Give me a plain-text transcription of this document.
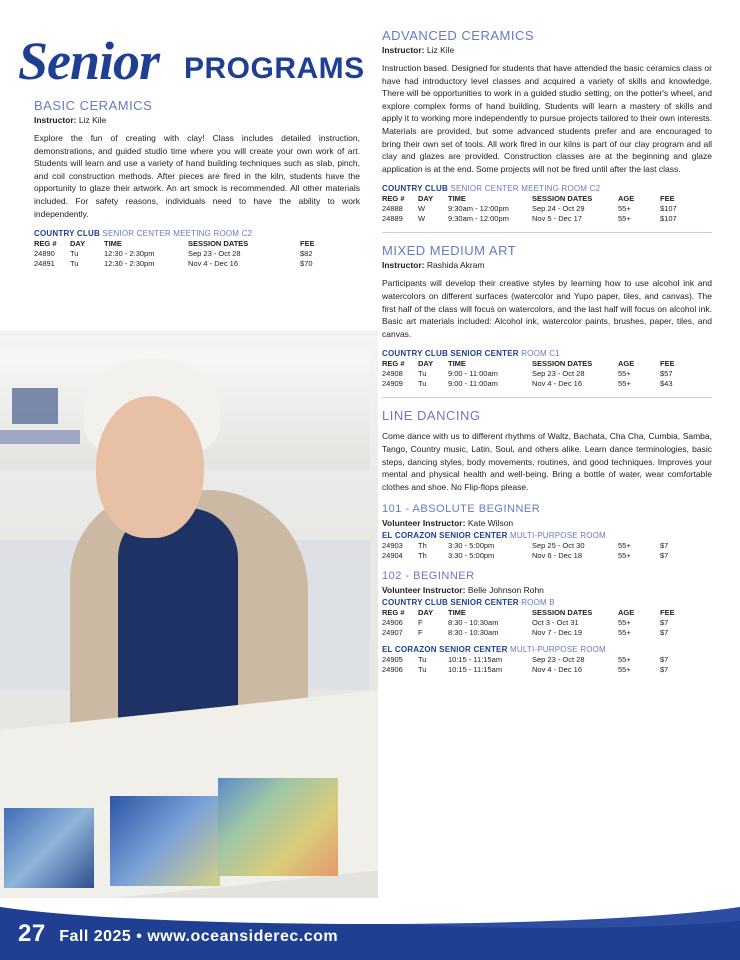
Senior PROGRAMS
BASIC CERAMICS

Instructor: Liz Kile

Explore the fun of creating with clay! Class includes detailed instruction, demonstrations, and guided studio time where you will create your own work of art. Students will learn and use a variety of hand building techniques such as slab, pinch, and coil construction methods. After pieces are fired in the kiln, students have the opportunity to glaze their artwork. An art smock is recommended. All other materials included. For safety reasons, individuals need to have the ability to work independently.

COUNTRY CLUB SENIOR CENTER MEETING ROOM C2

REG #	DAY	TIME	SESSION DATES	FEE
24890	Tu	12:30 - 2:30pm	Sep 23 - Oct 28	$82
24891	Tu	12:30 - 2:30pm	Nov 4 - Dec 16	$70
ADVANCED CERAMICS

Instructor: Liz Kile

Instruction based. Designed for students that have attended the basic ceramics class or have had introductory level classes and acquired a variety of skills and knowledge. There will be opportunities to work in a guided studio setting, on the potter's wheel, and explore complex forms of hand building. Students will learn a mastery of skills and apply it to working more independently to pursue projects tailored to their own interests. Materials are provided, but some advanced students prefer and are encouraged to bring their own set of tools. All work fired in our kilns is part of our clay program and all clay and glazes are provided. Construction classes are at the beginning and glaze application is at the end. Some projects will not be fired until after the last class.

COUNTRY CLUB SENIOR CENTER MEETING ROOM C2

REG #	DAY	TIME	SESSION DATES	AGE	FEE
24888	W	9:30am - 12:00pm	Sep 24 - Oct 29	55+	$107
24889	W	9:30am - 12:00pm	Nov 5 - Dec 17	55+	$107
MIXED MEDIUM ART

Instructor: Rashida Akram

Participants will develop their creative styles by learning how to use alcohol ink and watercolors on different surfaces (watercolor and Yupo paper, tiles, and canvas). The first half of the class will focus on watercolors, and the last half will focus on alcohol ink. Basic art materials included: Alcohol ink, watercolor paints, brushes, paper, tiles, and canvas.

COUNTRY CLUB SENIOR CENTER ROOM C1

REG #	DAY	TIME	SESSION DATES	AGE	FEE
24908	Tu	9:00 - 11:00am	Sep 23 - Oct 28	55+	$57
24909	Tu	9:00 - 11:00am	Nov 4 - Dec 16	55+	$43
LINE DANCING

Come dance with us to different rhythms of Waltz, Bachata, Cha Cha, Cumbia, Samba, Tango, Country music, Latin, Soul, and others alike. Learn dance terminologies, basic steps, dancing styles, body movements, routines, and good techniques. Improves your mental and physical health and well-being. Bring a bottle of water, wear comfortable clothes and shoe. No Flip-flops please.

101 - ABSOLUTE BEGINNER

Volunteer Instructor: Kate Wilson

EL CORAZON SENIOR CENTER MULTI-PURPOSE ROOM

24903	Th	3:30 - 5:00pm	Sep 25 - Oct 30	55+	$7
24904	Th	3:30 - 5:00pm	Nov 6 - Dec 18	55+	$7
102 - BEGINNER

Volunteer Instructor: Belle Johnson Rohn

COUNTRY CLUB SENIOR CENTER ROOM B

REG #	DAY	TIME	SESSION DATES	AGE	FEE
24906	F	8:30 - 10:30am	Oct 3 - Oct 31	55+	$7
24907	F	8:30 - 10:30am	Nov 7 - Dec 19	55+	$7

EL CORAZON SENIOR CENTER MULTI-PURPOSE ROOM

24905	Tu	10:15 - 11:15am	Sep 23 - Oct 28	55+	$7
24906	Tu	10:15 - 11:15am	Nov 4 - Dec 16	55+	$7
27 Fall 2025 • www.oceansiderec.com
